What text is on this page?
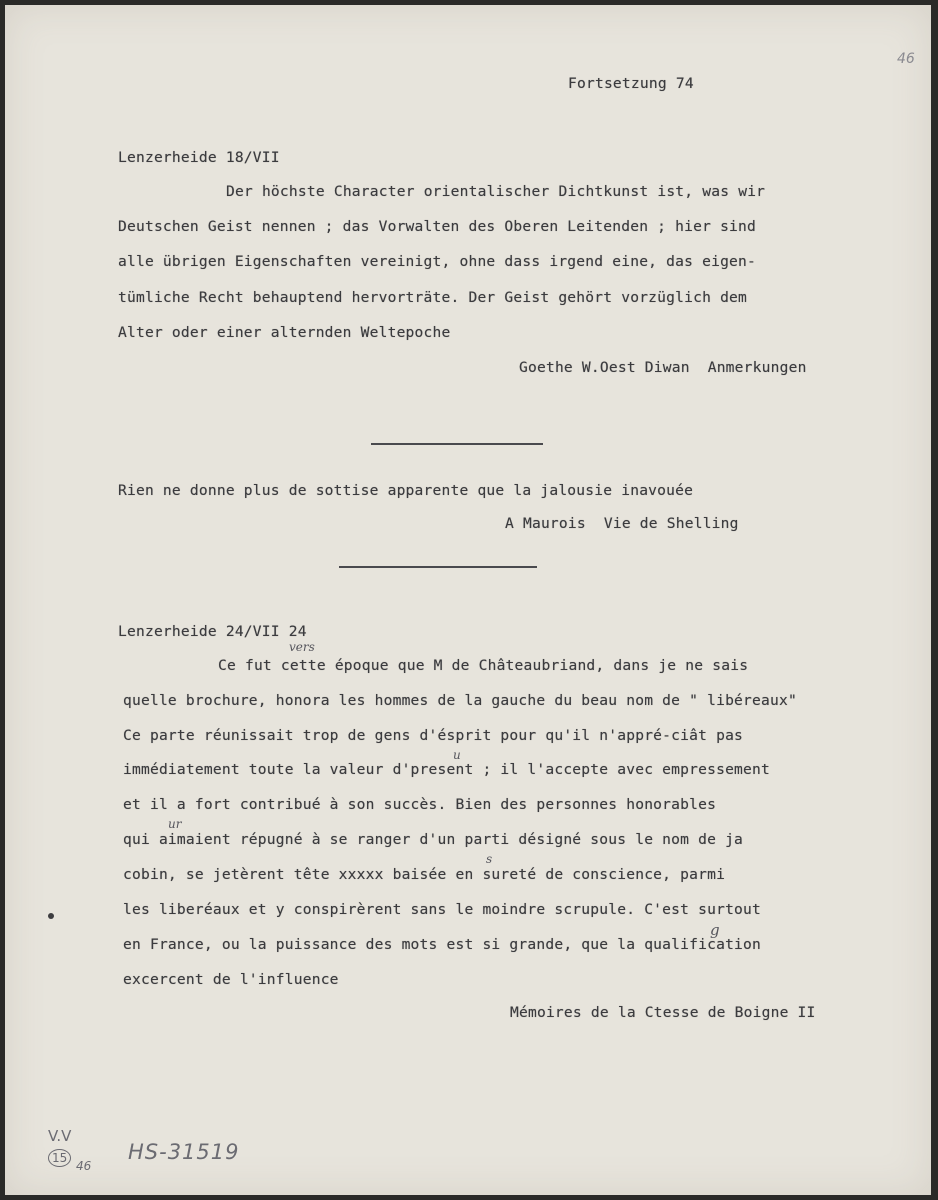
46
Fortsetzung 74
Lenzerheide 18/VII
Der höchste Character orientalischer Dichtkunst ist, was wir
Deutschen Geist nennen ; das Vorwalten des Oberen Leitenden ; hier sind
alle übrigen Eigenschaften vereinigt, ohne dass irgend eine, das eigen-
tümliche Recht behauptend hervorträte. Der Geist gehört vorzüglich dem
Alter oder einer alternden Weltepoche
Goethe W.Oest Diwan  Anmerkungen
Rien ne donne plus de sottise apparente que la jalousie inavouée
A Maurois  Vie de Shelling
Lenzerheide 24/VII 24
Ce fut cette époque que M de Châteaubriand, dans je ne sais
quelle brochure, honora les hommes de la gauche du beau nom de " libéreaux"
Ce parte réunissait trop de gens d'ésprit pour qu'il n'appré-ciât pas
immédiatement toute la valeur d'present ; il l'accepte avec empressement
et il a fort contribué à son succès. Bien des personnes honorables
qui aimaient répugné à se ranger d'un parti désigné sous le nom de ja
cobin, se jetèrent tête xxxxx baisée en sureté de conscience, parmi
les liberéaux et y conspirèrent sans le moindre scrupule. C'est surtout
en France, ou la puissance des mots est si grande, que la qualification
excercent de l'influence
Mémoires de la Ctesse de Boigne II
vers
u
ur
s
g
V.V
15
46
HS-31519
